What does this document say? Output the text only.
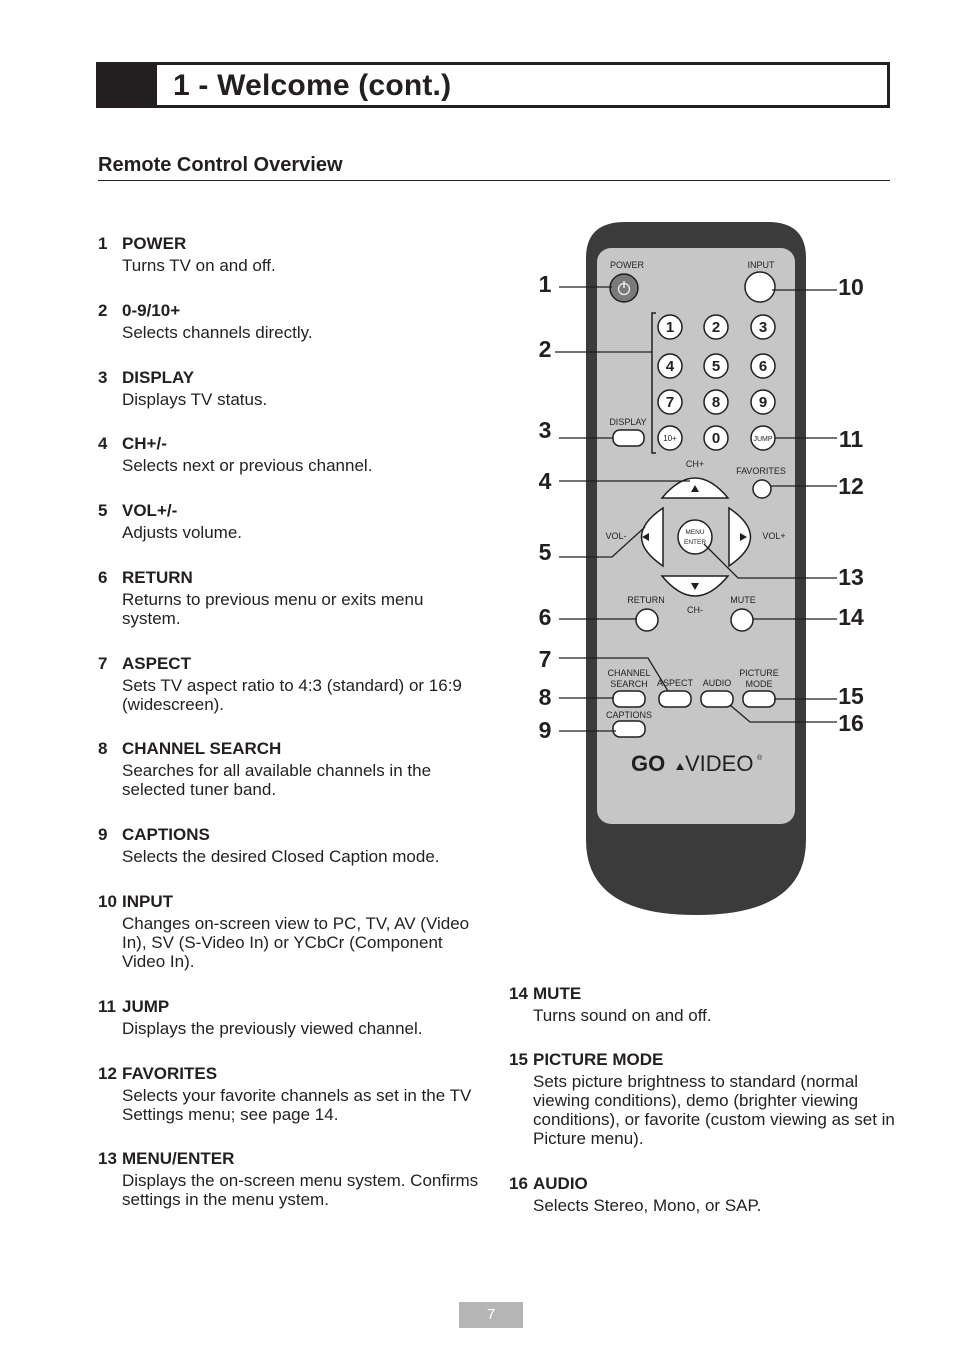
1 - Welcome (cont.)
Remote Control Overview
1 POWER
Turns TV on and off.
2 0-9/10+
Selects channels directly.
3 DISPLAY
Displays TV status.
4 CH+/-
Selects next or previous channel.
5 VOL+/-
Adjusts volume.
6 RETURN
Returns to previous menu or exits menu system.
7 ASPECT
Sets TV aspect ratio to 4:3 (standard) or 16:9 (widescreen).
8 CHANNEL SEARCH
Searches for all available channels in the selected tuner band.
9 CAPTIONS
Selects the desired Closed Caption mode.
10 INPUT
Changes on-screen view to PC, TV, AV (Video In), SV (S-Video In) or YCbCr (Component Video In).
11 JUMP
Displays the previously viewed channel.
12 FAVORITES
Selects your favorite channels as set in the TV Settings menu; see page 14.
13 MENU/ENTER
Displays the on-screen menu system. Confirms settings in the menu ystem.
14 MUTE
Turns sound on and off.
15 PICTURE MODE
Sets picture brightness to standard (normal viewing conditions), demo (brighter viewing conditions), or favorite (custom viewing as set in Picture menu).
16 AUDIO
Selects Stereo, Mono, or SAP.
POWER	INPUT
1	2	3
4	5	6
7	8	9
10+ 0	JUMP
DISPLAY
CH+
FAVORITES
VOL-	VOL+
MENU
ENTER
CH-
RETURN	MUTE
CHANNEL
SEARCH ASPECT AUDIO
PICTURE
MODE
CAPTIONS
GO VIDEO ®
1
2
3
4
5
6
7
8
9
10
11
12
13
14
15
16
7
